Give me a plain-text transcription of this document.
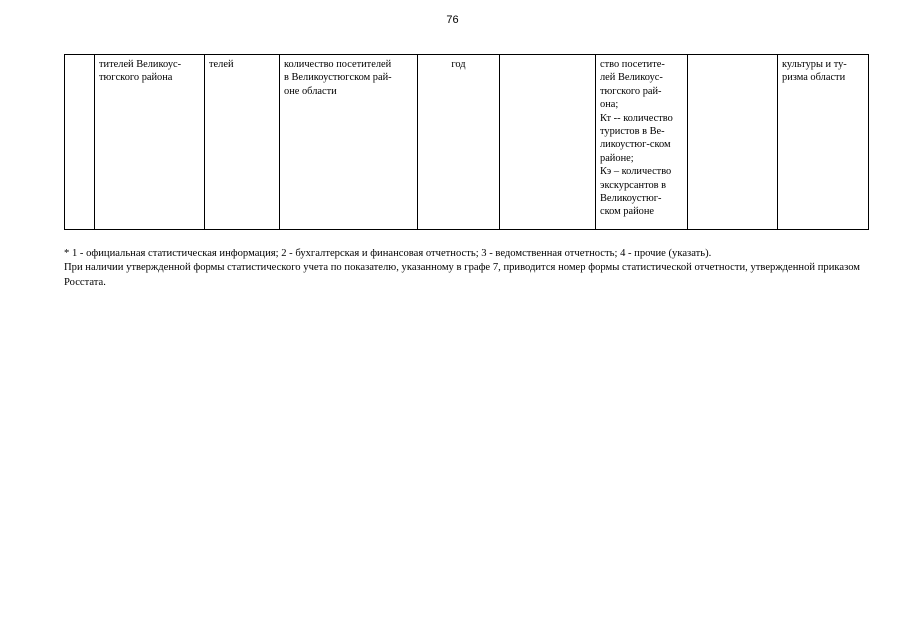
76
	тителей Великоус-
тюгского района	телей	количество посетителей
в Великоустюгском рай-
оне области	год		ство посетите-
лей Великоус-
тюгского рай-
она;
Кт -- количество
туристов в Ве-
ликоустюг-ском
районе;
Кэ – количество
экскурсантов в
Великоустюг-
ском районе		культуры и ту-
ризма области

* 1 - официальная статистическая информация; 2 - бухгалтерская и финансовая отчетность; 3 - ведомственная отчетность; 4 - прочие (указать).

При наличии утвержденной формы статистического учета по показателю, указанному в графе 7, приводится номер формы статистической отчетности, утвержденной приказом Росстата.
